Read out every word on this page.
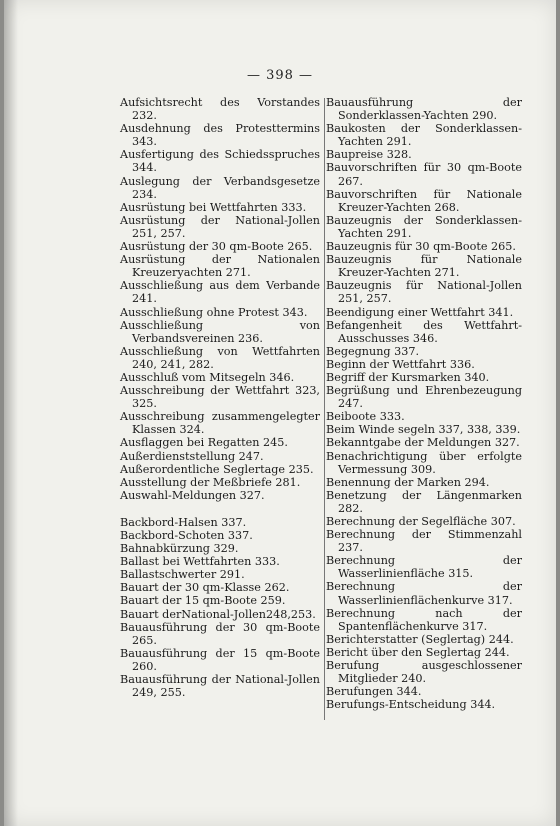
— 398 —
Aufsichtsrecht des Vorstandes 232.
Ausdehnung des Protesttermins 343.
Ausfertigung des Schiedsspruches 344.
Auslegung der Verbandsgesetze 234.
Ausrüstung bei Wettfahrten 333.
Ausrüstung der National-Jollen 251, 257.
Ausrüstung der 30 qm-Boote 265.
Ausrüstung der Nationalen Kreuzeryachten 271.
Ausschließung aus dem Verbande 241.
Ausschließung ohne Protest 343.
Ausschließung von Verbandsvereinen 236.
Ausschließung von Wettfahrten 240, 241, 282.
Ausschluß vom Mitsegeln 346.
Ausschreibung der Wettfahrt 323, 325.
Ausschreibung zusammengelegter Klassen 324.
Ausflaggen bei Regatten 245.
Außerdienststellung 247.
Außerordentliche Seglertage 235.
Ausstellung der Meßbriefe 281.
Auswahl-Meldungen 327.
Backbord-Halsen 337.
Backbord-Schoten 337.
Bahnabkürzung 329.
Ballast bei Wettfahrten 333.
Ballastschwerter 291.
Bauart der 30 qm-Klasse 262.
Bauart der 15 qm-Boote 259.
Bauart derNational-Jollen248,253.
Bauausführung der 30 qm-Boote 265.
Bauausführung der 15 qm-Boote 260.
Bauausführung der National-Jollen 249, 255.
Bauausführung der Sonderklassen-Yachten 290.
Baukosten der Sonderklassen-Yachten 291.
Baupreise 328.
Bauvorschriften für 30 qm-Boote 267.
Bauvorschriften für Nationale Kreuzer-Yachten 268.
Bauzeugnis der Sonderklassen-Yachten 291.
Bauzeugnis für 30 qm-Boote 265.
Bauzeugnis für Nationale Kreuzer-Yachten 271.
Bauzeugnis für National-Jollen 251, 257.
Beendigung einer Wettfahrt 341.
Befangenheit des Wettfahrt-Ausschusses 346.
Begegnung 337.
Beginn der Wettfahrt 336.
Begriff der Kursmarken 340.
Begrüßung und Ehrenbezeugung 247.
Beiboote 333.
Beim Winde segeln 337, 338, 339.
Bekanntgabe der Meldungen 327.
Benachrichtigung über erfolgte Vermessung 309.
Benennung der Marken 294.
Benetzung der Längenmarken 282.
Berechnung der Segelfläche 307.
Berechnung der Stimmenzahl 237.
Berechnung der Wasserlinienfläche 315.
Berechnung der Wasserlinienflächenkurve 317.
Berechnung nach der Spantenflächenkurve 317.
Berichterstatter (Seglertag) 244.
Bericht über den Seglertag 244.
Berufung ausgeschlossener Mitglieder 240.
Berufungen 344.
Berufungs-Entscheidung 344.
